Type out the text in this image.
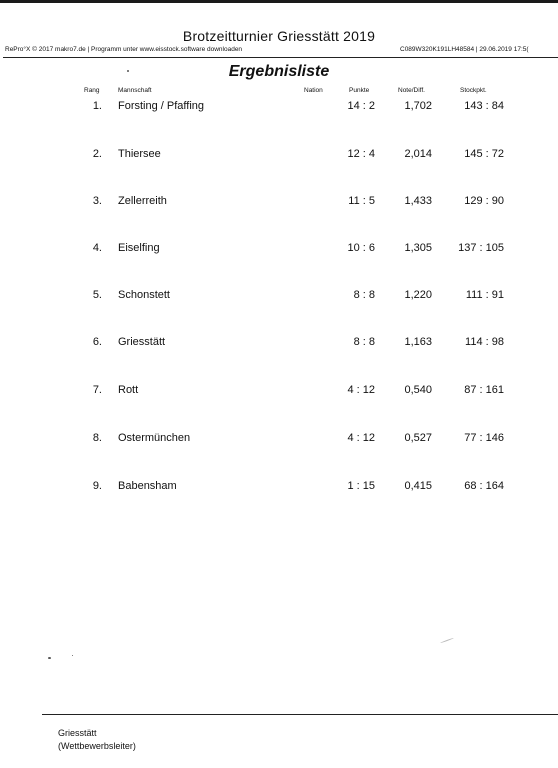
Brotzeitturnier Griesstätt 2019
RePro°X © 2017 makro7.de | Programm unter www.eisstock.software downloaden	C089W320K191LH48584 | 29.06.2019 17:5(
Ergebnisliste
Rang	Mannschaft	Nation	Punkte	Note/Diff.	Stockpkt.
1. Forsting / Pfaffing	14 : 2	1,702	143 : 84
2. Thiersee	12 : 4	2,014	145 : 72
3. Zellerreith	11 : 5	1,433	129 : 90
4. Eiselfing	10 : 6	1,305	137 : 105
5. Schonstett	8 : 8	1,220	111 : 91
6. Griesstätt	8 : 8	1,163	114 : 98
7. Rott	4 : 12	0,540	87 : 161
8. Ostermünchen	4 : 12	0,527	77 : 146
9. Babensham	1 : 15	0,415	68 : 164
Griesstätt
(Wettbewerbsleiter)
